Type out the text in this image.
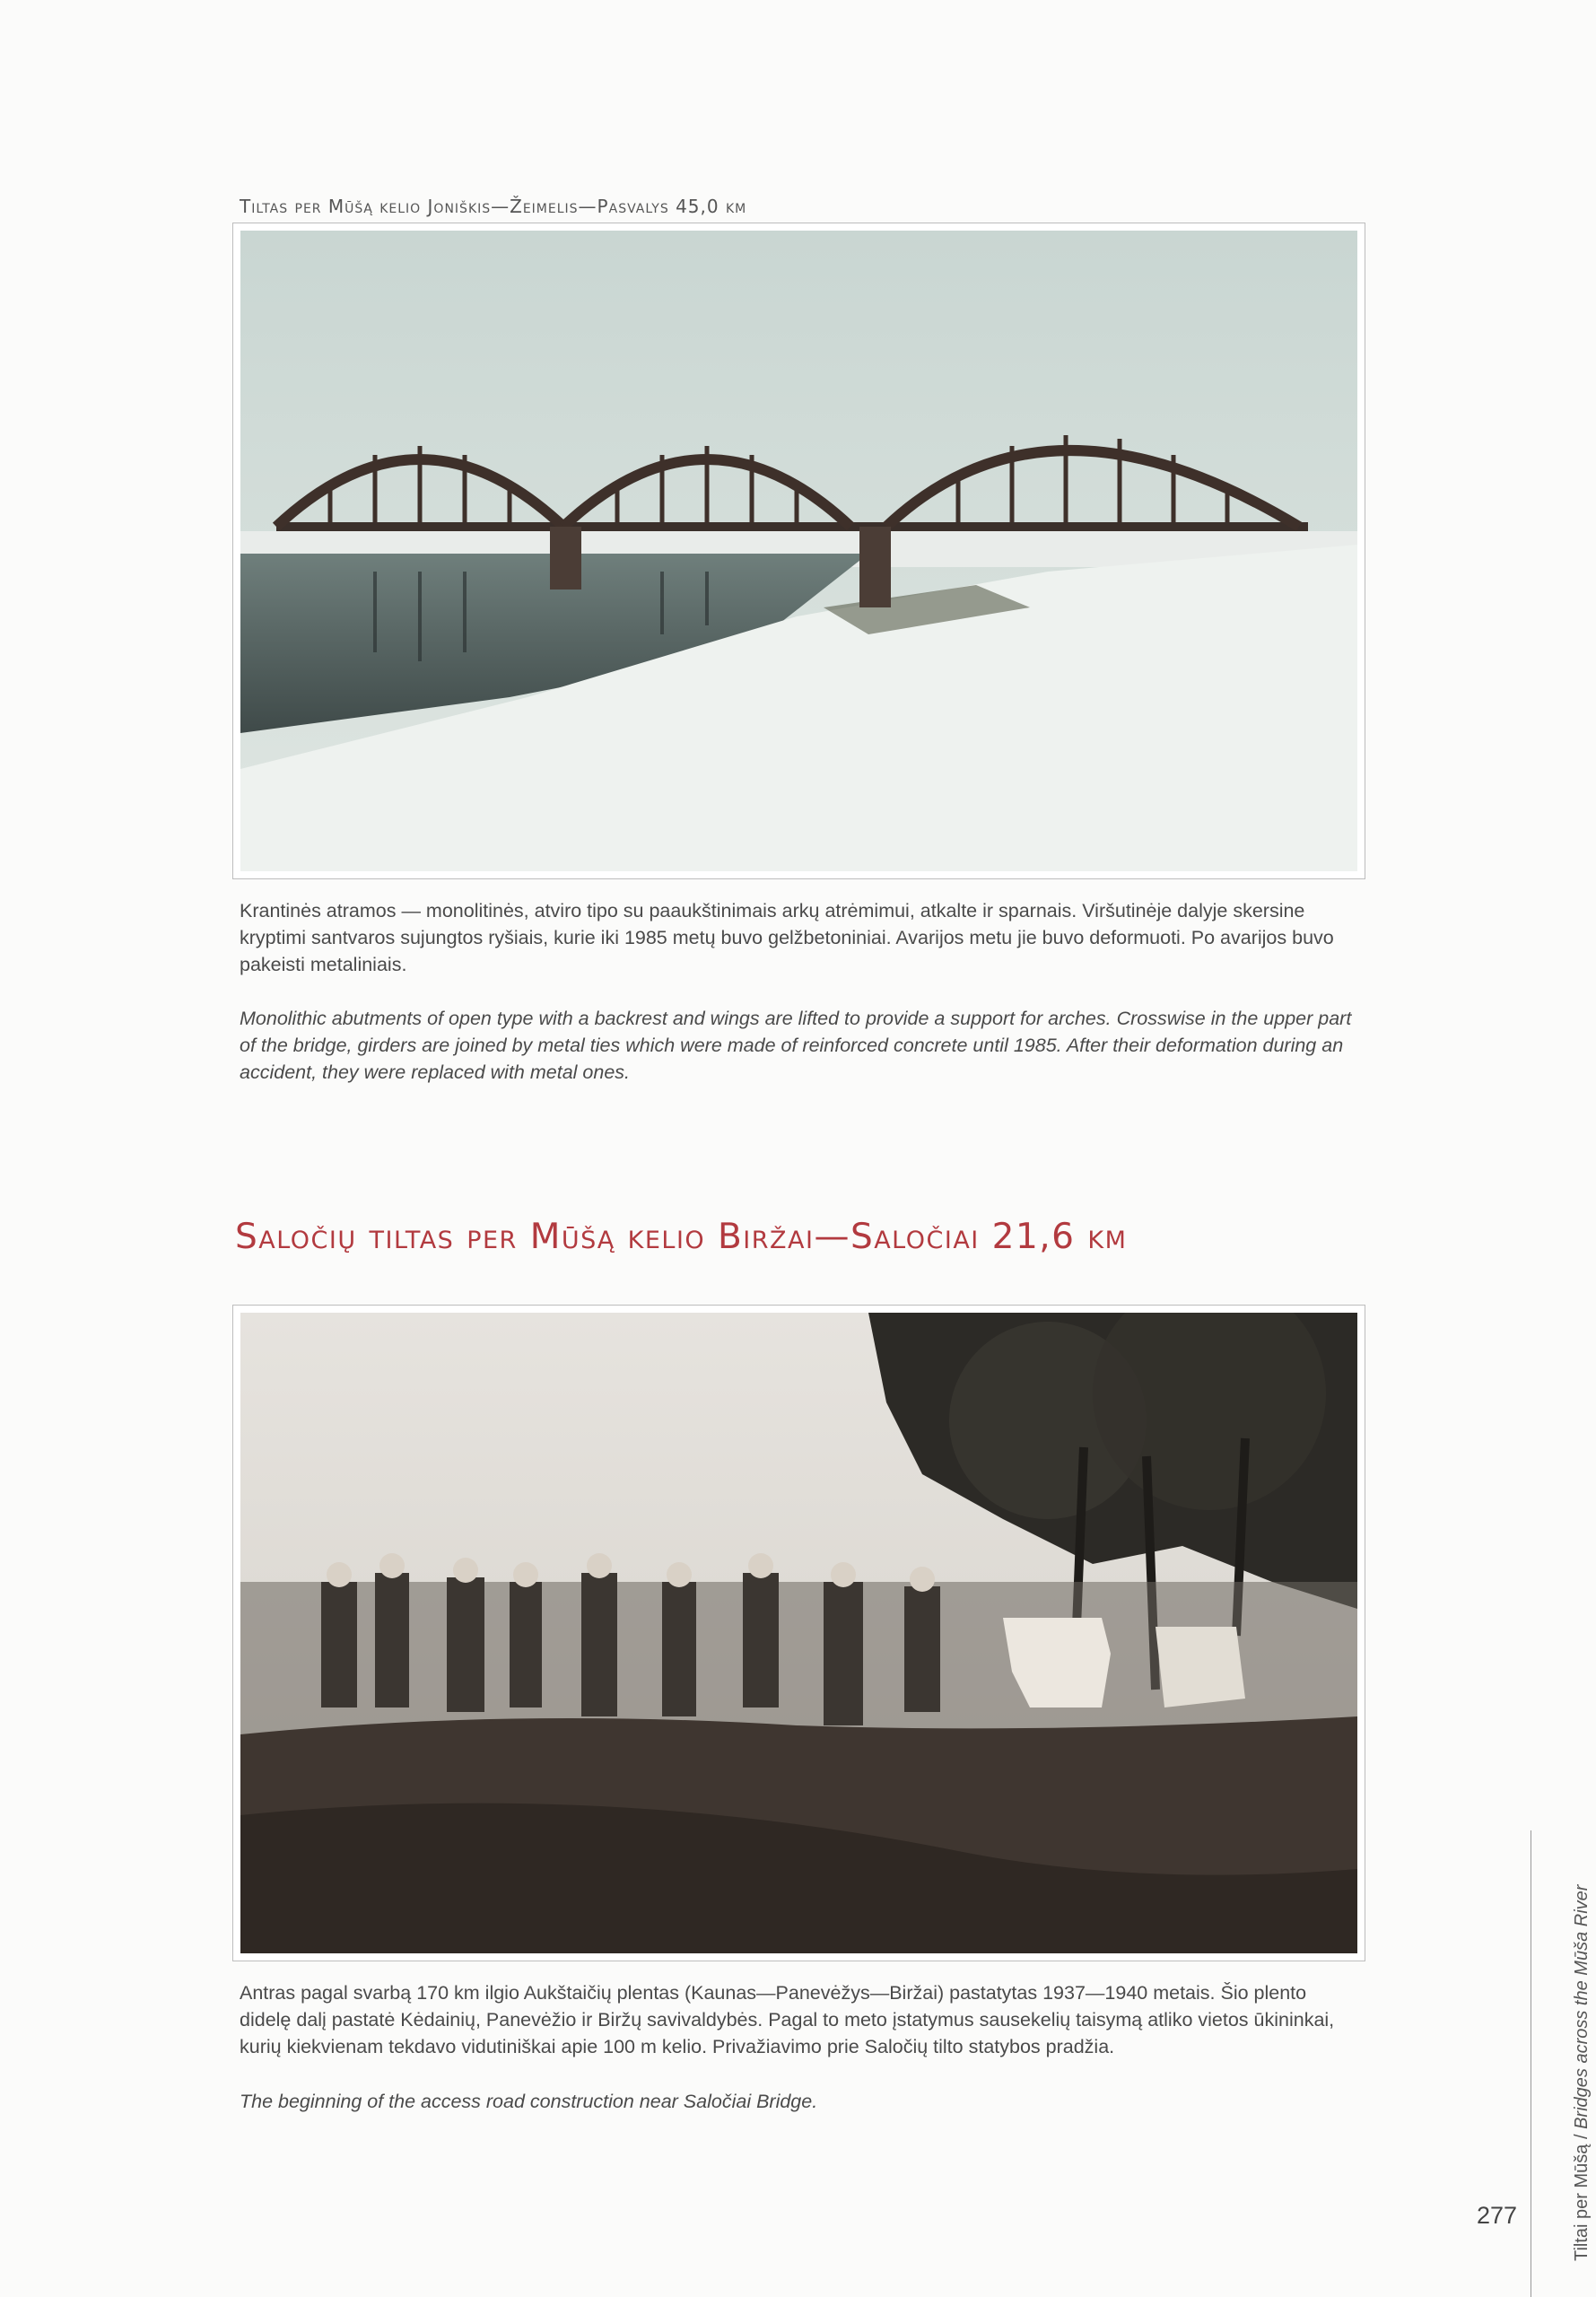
Tiltas per Mūšą kelio Joniškis—Žeimelis—Pasvalys 45,0 km
Krantinės atramos — monolitinės, atviro tipo su paaukštinimais arkų atrėmimui, atkalte ir sparnais. Viršutinėje dalyje skersine kryptimi santvaros sujungtos ryšiais, kurie iki 1985 metų buvo gelžbetoniniai. Avarijos metu jie buvo deformuoti. Po avarijos buvo pakeisti metaliniais.
Monolithic abutments of open type with a backrest and wings are lifted to provide a support for arches. Crosswise in the upper part of the bridge, girders are joined by metal ties which were made of reinforced concrete until 1985. After their deformation during an accident, they were replaced with metal ones.
Saločių tiltas per Mūšą kelio Biržai—Saločiai 21,6 km
Antras pagal svarbą 170 km ilgio Aukštaičių plentas (Kaunas—Panevėžys—Biržai) pastatytas 1937—1940 metais. Šio plento didelę dalį pastatė Kėdainių, Panevėžio ir Biržų savivaldybės. Pagal to meto įstatymus sausekelių taisymą atliko vietos ūkininkai, kurių kiekvienam tekdavo vidutiniškai apie 100 m kelio. Privažiavimo prie Saločių tilto statybos pradžia.
The beginning of the access road construction near Saločiai Bridge.
Tiltai per Mūšą / Bridges across the Mūša River
277
